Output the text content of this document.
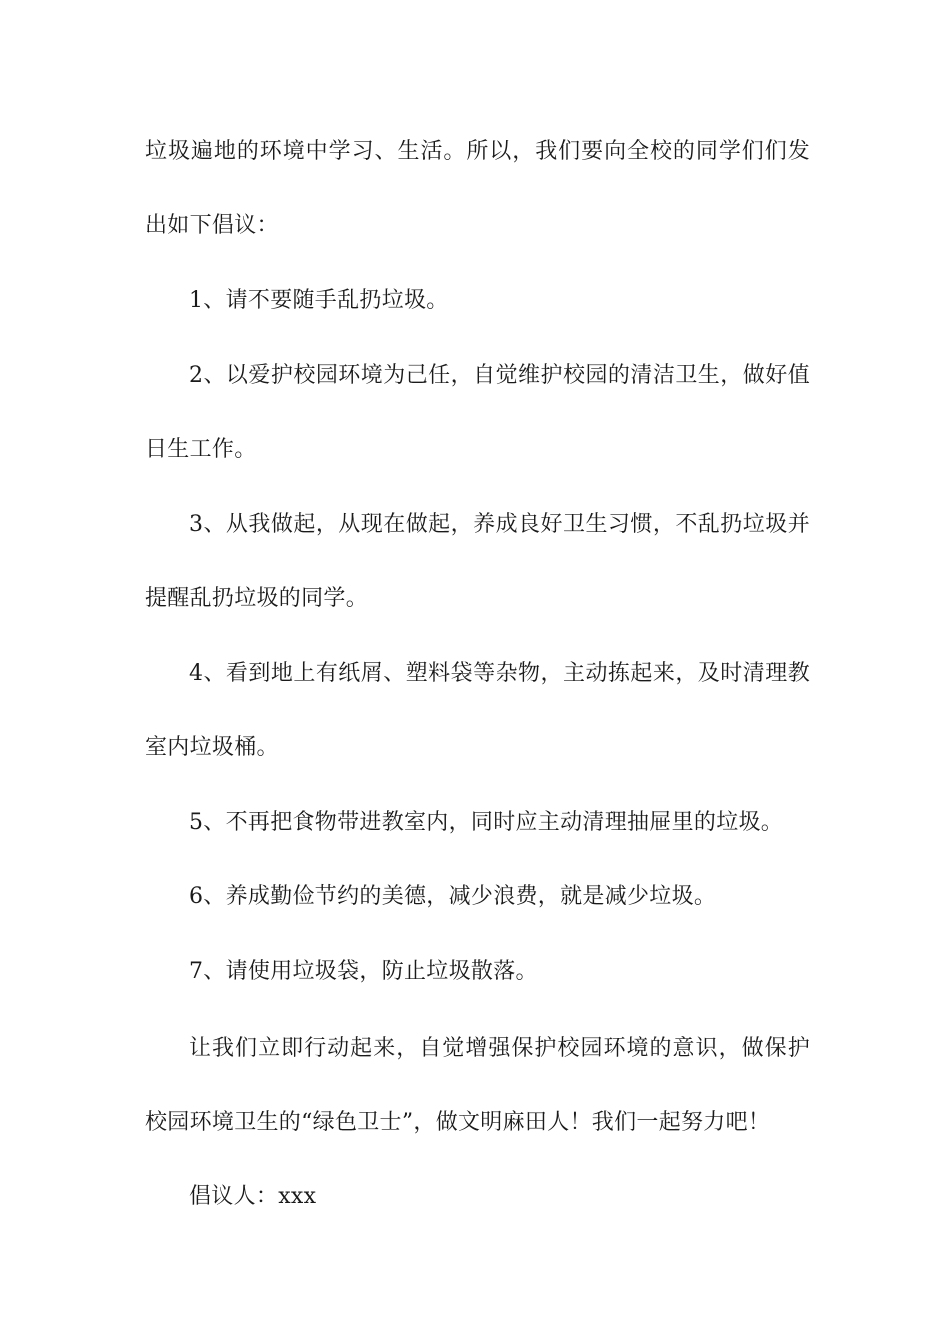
垃圾遍地的环境中学习、生活。所以，我们要向全校的同学们们发
出如下倡议：
1、请不要随手乱扔垃圾。
2、以爱护校园环境为己任，自觉维护校园的清洁卫生，做好值
日生工作。
3、从我做起，从现在做起，养成良好卫生习惯，不乱扔垃圾并
提醒乱扔垃圾的同学。
4、看到地上有纸屑、塑料袋等杂物，主动拣起来，及时清理教
室内垃圾桶。
5、不再把食物带进教室内，同时应主动清理抽屉里的垃圾。
6、养成勤俭节约的美德，减少浪费，就是减少垃圾。
7、请使用垃圾袋，防止垃圾散落。
让我们立即行动起来，自觉增强保护校园环境的意识，做保护
校园环境卫生的“绿色卫士”，做文明麻田人！我们一起努力吧！
倡议人：xxx
